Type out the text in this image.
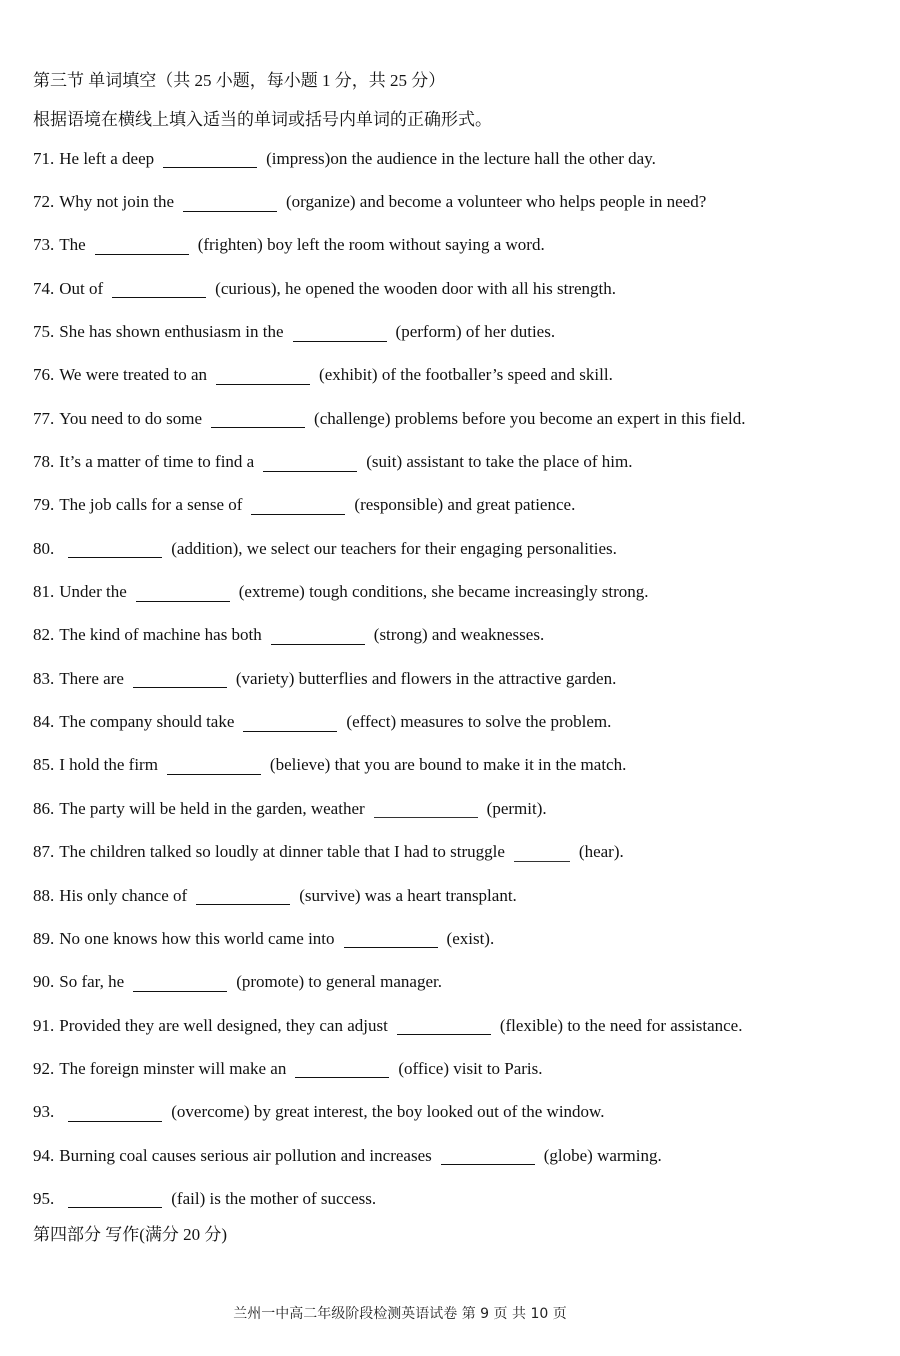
第三节 单词填空（共 25 小题，每小题 1 分，共 25 分）
根据语境在横线上填入适当的单词或括号内单词的正确形式。
71. He left a deep	(impress)on the audience in the lecture hall the other day.
72. Why not join the	(organize) and become a volunteer who helps people in need?
73. The	(frighten) boy left the room without saying a word.
74. Out of	(curious), he opened the wooden door with all his strength.
75. She has shown enthusiasm in the	(perform) of her duties.
76. We were treated to an	(exhibit) of the footballer’s speed and skill.
77. You need to do some	(challenge) problems before you become an expert in this field.
78. It’s a matter of time to find a	(suit) assistant to take the place of him.
79. The job calls for a sense of	(responsible) and great patience.
80.	(addition), we select our teachers for their engaging personalities.
81. Under the	(extreme) tough conditions, she became increasingly strong.
82. The kind of machine has both	(strong) and weaknesses.
83. There are	(variety) butterflies and flowers in the attractive garden.
84. The company should take	(effect) measures to solve the problem.
85. I hold the firm	(believe) that you are bound to make it in the match.
86. The party will be held in the garden, weather	(permit).
87. The children talked so loudly at dinner table that I had to struggle	(hear).
88. His only chance of	(survive) was a heart transplant.
89. No one knows how this world came into	(exist).
90. So far, he	(promote) to general manager.
91. Provided they are well designed, they can adjust	(flexible) to the need for assistance.
92. The foreign minster will make an	(office) visit to Paris.
93.	(overcome) by great interest, the boy looked out of the window.
94. Burning coal causes serious air pollution and increases	(globe) warming.
95.	(fail) is the mother of success.
第四部分 写作(满分 20 分)
兰州一中高二年级阶段检测英语试卷 第 9 页 共 10 页
